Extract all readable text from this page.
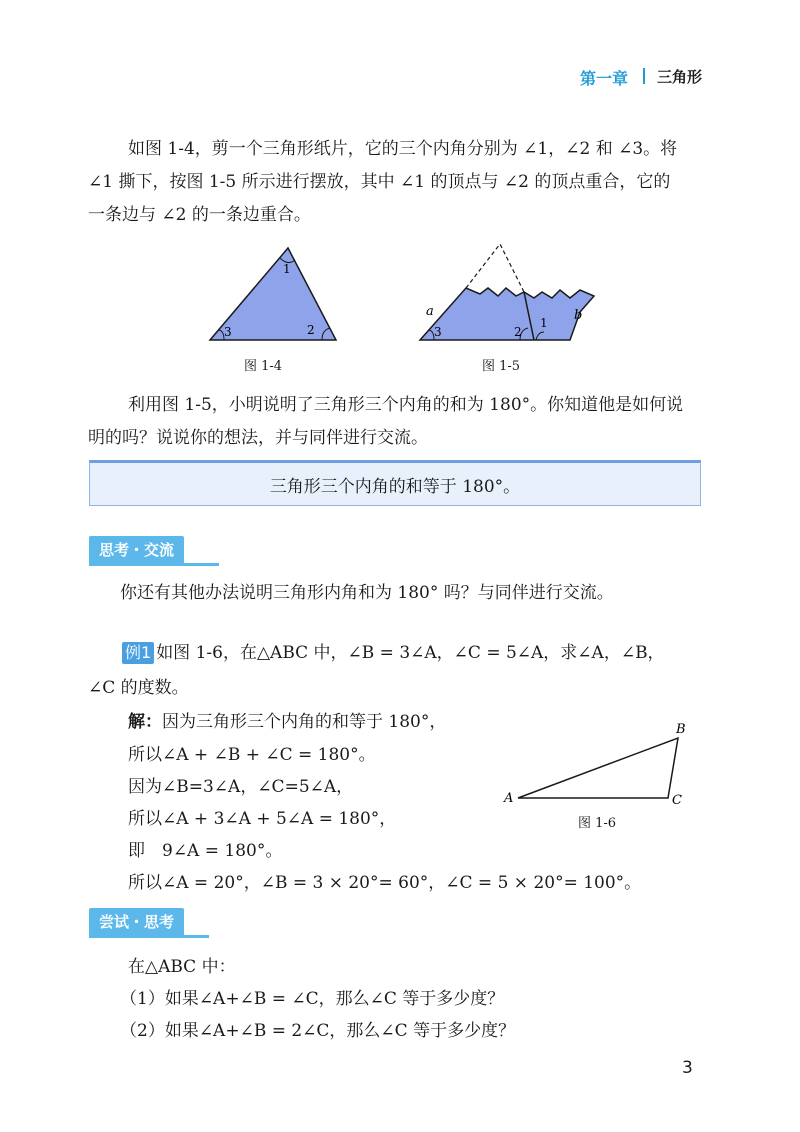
第一章 三角形
如图 1-4，剪一个三角形纸片，它的三个内角分别为 ∠1，∠2 和 ∠3。将
∠1 撕下，按图 1-5 所示进行摆放，其中 ∠1 的顶点与 ∠2 的顶点重合，它的
一条边与 ∠2 的一条边重合。
1
2
3
图 1-4
a	b
1
2
3
图 1-5
利用图 1-5，小明说明了三角形三个内角的和为 180°。你知道他是如何说
明的吗？说说你的想法，并与同伴进行交流。
三角形三个内角的和等于 180°。
思考・交流
你还有其他办法说明三角形内角和为 180° 吗？与同伴进行交流。
例1 如图 1-6，在△ABC 中，∠B = 3∠A，∠C = 5∠A，求∠A，∠B，
∠C 的度数。
解：因为三角形三个内角的和等于 180°，
所以∠A + ∠B + ∠C = 180°。
因为∠B=3∠A，∠C=5∠A，
所以∠A + 3∠A + 5∠A = 180°，
即　9∠A = 180°。
所以∠A = 20°，∠B = 3 × 20°= 60°，∠C = 5 × 20°= 100°。
A
B
C
图 1-6
尝试・思考
在△ABC 中：
（1）如果∠A+∠B = ∠C，那么∠C 等于多少度？
（2）如果∠A+∠B = 2∠C，那么∠C 等于多少度？
3
